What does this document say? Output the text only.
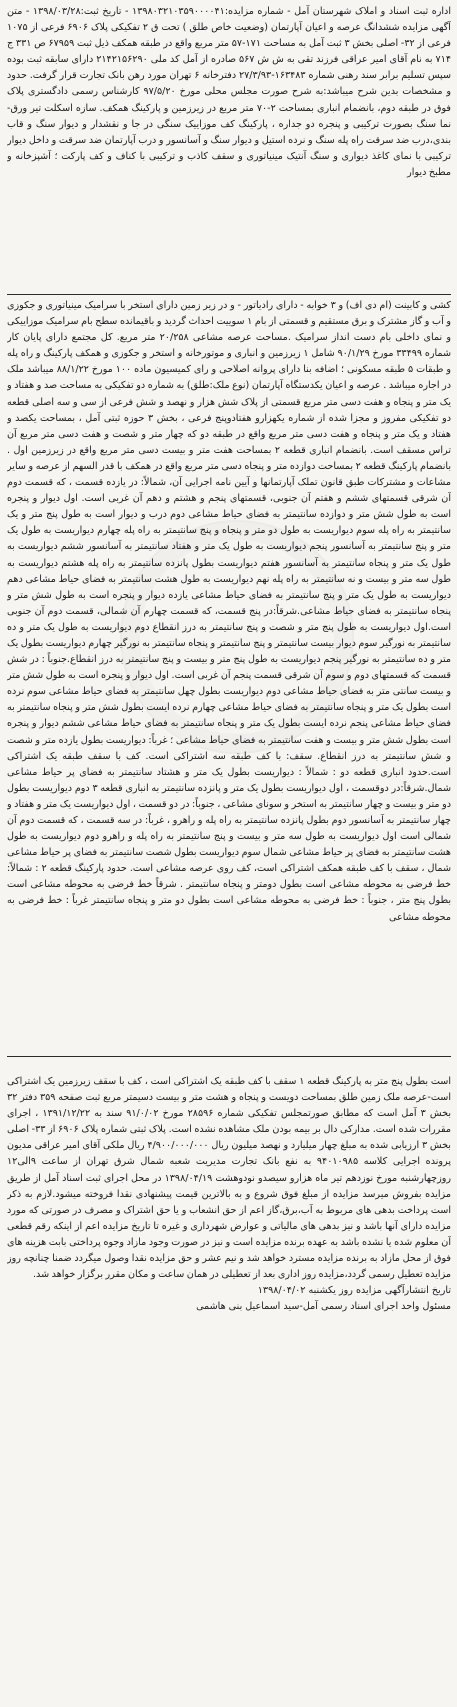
اداره ثبت اسناد و املاک شهرستان آمل - شماره مزایده:۱۳۹۸۰۳۲۱۰۳۵۹۰۰۰۰۴۱ - تاریخ ثبت:۱۳۹۸/۰۳/۲۸ - متن آگهی مزایده ششدانگ عرصه و اعیان آپارتمان (وضعیت خاص طلق ) تحت ق ۲ تفکیکی پلاک ۶۹۰۶ فرعی از ۱۰۷۵ فرعی از ۳۲- اصلی بخش ۳ ثبت آمل به مساحت ۱۷۱-۵۷ متر مربع واقع در طبقه همکف ذیل ثبت ۶۷۹۵۹ ص ۳۳۱ ج ۷۱۴ به نام آقای امیر عراقی فرزند تقی به ش ش ۵۶۷ صادره از آمل کد ملی ۲۱۴۲۱۵۶۲۹۰ دارای سابقه ثبت بوده سپس تسلیم برابر سند رهنی شماره ۱۶۳۴۸۳-۲۷/۳/۹۳ دفترخانه ۶ تهران مورد رهن بانک تجارت قرار گرفت. حدود و مشخصات بدین شرح میباشد:به شرح صورت مجلس محلی مورخ ۹۷/۵/۲۰ کارشناس رسمی دادگستری پلاک فوق در طبقه دوم، بانضمام انباری بمساحت ۲-۷۰ متر مربع در زیرزمین و پارکینگ همکف. سازه اسکلت تیر ورق-نما سنگ بصورت ترکیبی و پنجره دو جداره ، پارکینگ کف موزاییک سنگی در جا و نقشدار و دیوار سنگ و قاب بندی،درب ضد سرقت راه پله سنگ و نرده استیل و دیوار سنگ و آسانسور و درب آپارتمان ضد سرقت و داخل دیوار ترکیبی با نمای کاغذ دیواری و سنگ آنتیک مینیاتوری و سقف کاذب و ترکیبی با کناف و کف پارکت ؛ آشپزخانه و مطبخ دیوار

کشی و کابینت (ام دی اف) و ۳ خوابه - دارای رادیاتور - و در زیر زمین دارای استخر با سرامیک مینیاتوری و جکوزی و آب و گاز مشترک و برق مستقیم و قسمتی از بام ۱ سوییت احداث گردید و باقیمانده سطح بام سرامیک موزاییکی و نمای داخلی بام دست انداز سرامیک .مساحت عرصه مشاعی ۲۰/۲۵۸ متر مربع. کل مجتمع دارای پایان کار شماره ۳۳۴۹۹ مورخ ۹۰/۱/۲۹ شامل ۱ زیرزمین و انباری و موتورخانه و استخر و جکوزی و همکف پارکینگ و راه پله و طبقات ۵ طبقه مسکونی ؛ اضافه بنا دارای پروانه اصلاحی و رای کمیسیون ماده ۱۰۰ مورخ ۸۸/۱/۲۲ میباشد ملک در اجاره میباشد . عرصه و اعیان یکدستگاه آپارتمان (نوع ملک:طلق) به شماره دو تفکیکی به مساحت صد و هفتاد و یک متر و پنجاه و هفت دسی متر مربع قسمتی از پلاک شش هزار و نهصد و شش فرعی از سی و سه اصلی قطعه دو تفکیکی مفروز و مجزا شده از شماره یکهزارو هفتادوپنج فرعی ، بخش ۳ حوزه ثبتی آمل ، بمساحت یکصد و هفتاد و یک متر و پنجاه و هفت دسی متر مربع واقع در طبقه دو که چهار متر و شصت و هفت دسی متر مربع آن تراس مسقف است. بانضمام انباری قطعه ۲ بمساحت هفت متر و بیست دسی متر مربع واقع در زیرزمین اول . بانضمام پارکینگ قطعه ۲ بمساحت دوازده متر و پنجاه دسی متر مربع واقع در همکف با قدر السهم از عرصه و سایر مشاعات و مشترکات طبق قانون تملک آپارتمانها و آیین نامه اجرایی آن، شمالاً: در یازده قسمت ، که قسمت دوم آن شرقی قسمتهای ششم و هفتم آن جنوبی، قسمتهای پنجم و هشتم و دهم آن غربی است. اول دیوار و پنجره است به طول شش متر و دوازده سانتیمتر به فضای حیاط مشاعی دوم درب و دیوار است به طول پنج متر و یک سانتیمتر به راه پله سوم دیواریست به طول دو متر و پنجاه و پنج سانتیمتر به راه پله چهارم دیواریست به طول یک متر و پنج سانتیمتر به آسانسور پنجم دیواریست به طول یک متر و هفتاد سانتیمتر به آسانسور ششم دیواریست به طول یک متر و پنجاه سانتیمتر به آسانسور هفتم دیواریست بطول پانزده سانتیمتر به راه پله هشتم دیواریست به طول سه متر و بیست و نه سانتیمتر به راه پله نهم دیواریست به طول هشت سانتیمتر به فضای حیاط مشاعی دهم دیواریست به طول یک متر و پنج سانتیمتر به فضای حیاط مشاعی یازده دیوار و پنجره است به طول شش متر و پنجاه سانتیمتر به فضای حیاط مشاعی.شرقاً:در پنج قسمت، که قسمت چهارم آن شمالی، قسمت دوم آن جنوبی است.اول دیواریست به طول پنج متر و شصت و پنج سانتیمتر به درز انقطاع دوم دیواریست به طول یک متر و ده سانتیمتر به نورگیر سوم دیوار بیست سانتیمتر و پنج سانتیمتر و پنجاه سانتیمتر به نورگیر چهارم دیواریست بطول یک متر و ده سانتیمتر به نورگیر پنجم دیواریست به طول پنج متر و بیست و پنج سانتیمتر به درز انقطاع.جنوباً : در شش قسمت که قسمتهای دوم و سوم آن شرقی قسمت پنجم آن غربی است. اول دیوار و پنجره است به طول شش متر و بیست سانتی متر به فضای حیاط مشاعی دوم دیواریست بطول چهل سانتیمتر به فضای حیاط مشاعی سوم نرده است بطول یک متر و پنجاه سانتیمتر به فضای حیاط مشاعی چهارم نرده ایست بطول شش متر و پنجاه سانتیمتر به فضای حیاط مشاعی پنجم نرده ایست بطول یک متر و پنجاه سانتیمتر به فضای حیاط مشاعی ششم دیوار و پنجره است بطول شش متر و بیست و هفت سانتیمتر به فضای حیاط مشاعی ؛ غرباً: دیواریست بطول یازده متر و شصت و شش سانتیمتر به درز انقطاع. سقف: با کف طبقه سه اشتراکی است. کف با سقف طبقه یک اشتراکی است.حدود انباری قطعه دو : شمالاً : دیواریست بطول یک متر و هشتاد سانتیمتر به فضای پر حیاط مشاعی شمال.شرقاً:در دوقسمت ، اول دیواریست بطول یک متر و پانزده سانتیمتر به انباری قطعه ۳ دوم دیواریست بطول دو متر و بیست و چهار سانتیمتر به استخر و سونای مشاعی ، جنوباً: در دو قسمت ، اول دیواریست یک متر و هفتاد و چهار سانتیمتر به آسانسور دوم بطول پانزده سانتیمتر به راه پله و راهرو ، غرباً: در سه قسمت ، که قسمت دوم آن شمالی است اول دیواریست به طول سه متر و بیست و پنج سانتیمتر به راه پله و راهرو دوم دیواریست به طول هشت سانتیمتر به فضای پر حیاط مشاعی شمال سوم دیواریست بطول شصت سانتیمتر به فضای پر حیاط مشاعی شمال ، سقف با کف طبقه همکف اشتراکی است، کف روی عرصه مشاعی است. حدود پارکینگ قطعه ۲ : شمالاً: خط فرضی به محوطه مشاعی است بطول دومتر و پنجاه سانتیمتر . شرقاً خط فرضی به محوطه مشاعی است بطول پنج متر ، جنوباً : خط فرضی به محوطه مشاعی است بطول دو متر و پنجاه سانتیمتر غرباً : خط فرضی به محوطه مشاعی

است بطول پنج متر به پارکینگ قطعه ۱ سقف با کف طبقه یک اشتراکی است ، کف با سقف زیرزمین یک اشتراکی است-عرصه ملک زمین طلق بمساحت دویست و پنجاه و هشت متر و بیست دسیمتر مربع ثبت صفحه ۳۵۹ دفتر ۳۲ بخش ۳ آمل است که مطابق صورتمجلس تفکیکی شماره ۲۸۵۹۶ مورخ ۹۱/۰/۰۲ سند به ۱۳۹۱/۱۲/۲۲ ، اجرای مقررات شده است. مدارکی دال بر بیمه بودن ملک مشاهده نشده است. پلاک ثبتی شماره پلاک ۶۹۰۶ از ۳۳- اصلی بخش ۳ ارزیابی شده به مبلغ چهار میلیارد و نهصد میلیون ریال ۴/۹۰۰/۰۰۰/۰۰۰ ریال ملکی آقای امیر عراقی مدیون پرونده اجرایی کلاسه ۹۴۰۱۰۹۸۵ به نفع بانک تجارت مدیریت شعبه شمال شرق تهران از ساعت ۹الی۱۲ روزچهارشنبه مورخ نوزدهم تیر ماه هزارو سیصدو نودوهشت ۱۳۹۸/۰۴/۱۹ در محل اجرای ثبت اسناد آمل از طریق مزایده بفروش میرسد مزایده از مبلغ فوق شروع و به بالاترین قیمت پیشنهادی نقدا فروخته میشود.لازم به ذکر است پرداخت بدهی های مربوط به آب،برق،گاز اعم از حق انشعاب و یا حق اشتراک و مصرف در صورتی که مورد مزایده دارای آنها باشد و نیز بدهی های مالیاتی و عوارض شهرداری و غیره تا تاریخ مزایده اعم از اینکه رقم قطعی آن معلوم شده یا نشده باشد به عهده برنده مزایده است و نیز در صورت وجود مازاد وجوه پرداختی بابت هزینه های فوق از محل مازاد به برنده مزایده مسترد خواهد شد و نیم عشر و حق مزایده نقدا وصول میگردد ضمنا چنانچه روز مزایده تعطیل رسمی گردد،مزایده روز اداری بعد از تعطیلی در همان ساعت و مکان مقرر برگزار خواهد شد.

تاریخ انتشارآگهی مزایده روز یکشنبه ۱۳۹۸/۰۴/۰۲
مسئول واحد اجرای اسناد رسمی آمل-سید اسماعیل بنی هاشمی
